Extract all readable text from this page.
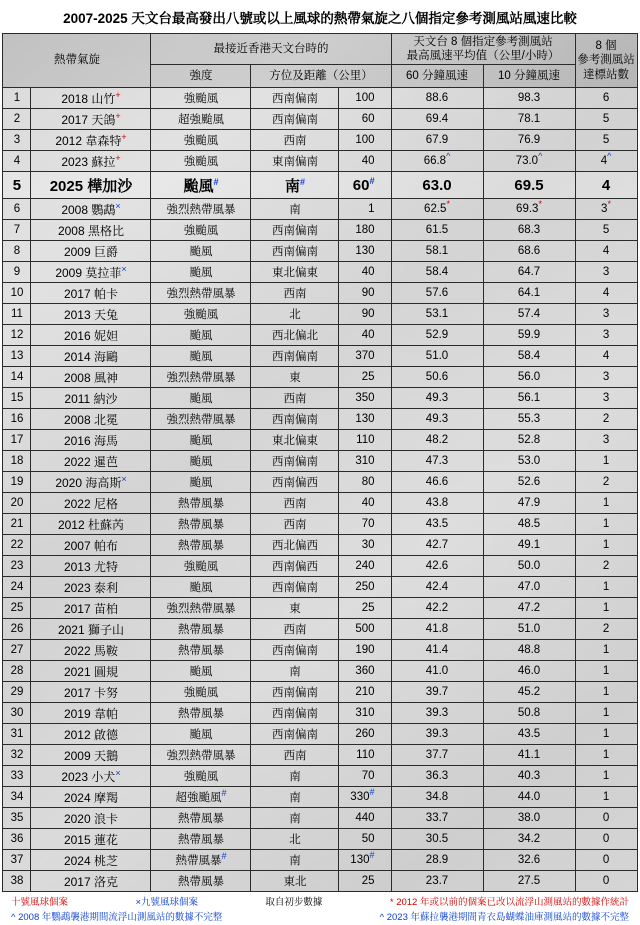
2007-2025 天文台最高發出八號或以上風球的熱帶氣旋之八個指定參考測風站風速比較
熱帶氣旋		最接近香港天文台時的			天文台 8 個指定參考測風站
最高風速平均值（公里/小時）		8 個
參考測風站
達標站數
		強度	方位及距離（公里）		60 分鐘風速	10 分鐘風速	
1	2018 山竹+	強颱風	西南偏南	100	88.6	98.3	6
2	2017 天鴿+	超強颱風	西南偏南	60	69.4	78.1	5
3	2012 韋森特+	強颱風	西南	100	67.9	76.9	5
4	2023 蘇拉+	強颱風	東南偏南	40	66.8^	73.0^	4^
5	2025 樺加沙	颱風#	南#	60#	63.0	69.5	4
6	2008 鸚鵡×	強烈熱帶風暴	南	1	62.5*	69.3*	3*
7	2008 黑格比	強颱風	西南偏南	180	61.5	68.3	5
8	2009 巨爵	颱風	西南偏南	130	58.1	68.6	4
9	2009 莫拉菲×	颱風	東北偏東	40	58.4	64.7	3
10	2017 帕卡	強烈熱帶風暴	西南	90	57.6	64.1	4
11	2013 天兔	強颱風	北	90	53.1	57.4	3
12	2016 妮妲	颱風	西北偏北	40	52.9	59.9	3
13	2014 海鷗	颱風	西南偏南	370	51.0	58.4	4
14	2008 風神	強烈熱帶風暴	東	25	50.6	56.0	3
15	2011 納沙	颱風	西南	350	49.3	56.1	3
16	2008 北冕	強烈熱帶風暴	西南偏南	130	49.3	55.3	2
17	2016 海馬	颱風	東北偏東	110	48.2	52.8	3
18	2022 暹芭	颱風	西南偏南	310	47.3	53.0	1
19	2020 海高斯×	颱風	西南偏西	80	46.6	52.6	2
20	2022 尼格	熱帶風暴	西南	40	43.8	47.9	1
21	2012 杜蘇芮	熱帶風暴	西南	70	43.5	48.5	1
22	2007 帕布	熱帶風暴	西北偏西	30	42.7	49.1	1
23	2013 尤特	強颱風	西南偏西	240	42.6	50.0	2
24	2023 泰利	颱風	西南偏南	250	42.4	47.0	1
25	2017 苗柏	強烈熱帶風暴	東	25	42.2	47.2	1
26	2021 獅子山	熱帶風暴	西南	500	41.8	51.0	2
27	2022 馬鞍	熱帶風暴	西南偏南	190	41.4	48.8	1
28	2021 圓規	颱風	南	360	41.0	46.0	1
29	2017 卡努	強颱風	西南偏南	210	39.7	45.2	1
30	2019 韋帕	熱帶風暴	西南偏南	310	39.3	50.8	1
31	2012 啟德	颱風	西南偏南	260	39.3	43.5	1
32	2009 天鵝	強烈熱帶風暴	西南	110	37.7	41.1	1
33	2023 小犬×	強颱風	南	70	36.3	40.3	1
34	2024 摩羯	超強颱風#	南	330#	34.8	44.0	1
35	2020 浪卡	熱帶風暴	南	440	33.7	38.0	0
36	2015 蓮花	熱帶風暴	北	50	30.5	34.2	0
37	2024 桃芝	熱帶風暴#	南	130#	28.9	32.6	0
38	2017 洛克	熱帶風暴	東北	25	23.7	27.5	0
十號風球個案	×九號風球個案	取自初步數據	* 2012 年或以前的個案已改以流浮山測風站的數據作統計
^ 2008 年鸚鵡襲港期間流浮山測風站的數據不完整	^ 2023 年蘇拉襲港期間青衣島蝴蝶油庫測風站的數據不完整
